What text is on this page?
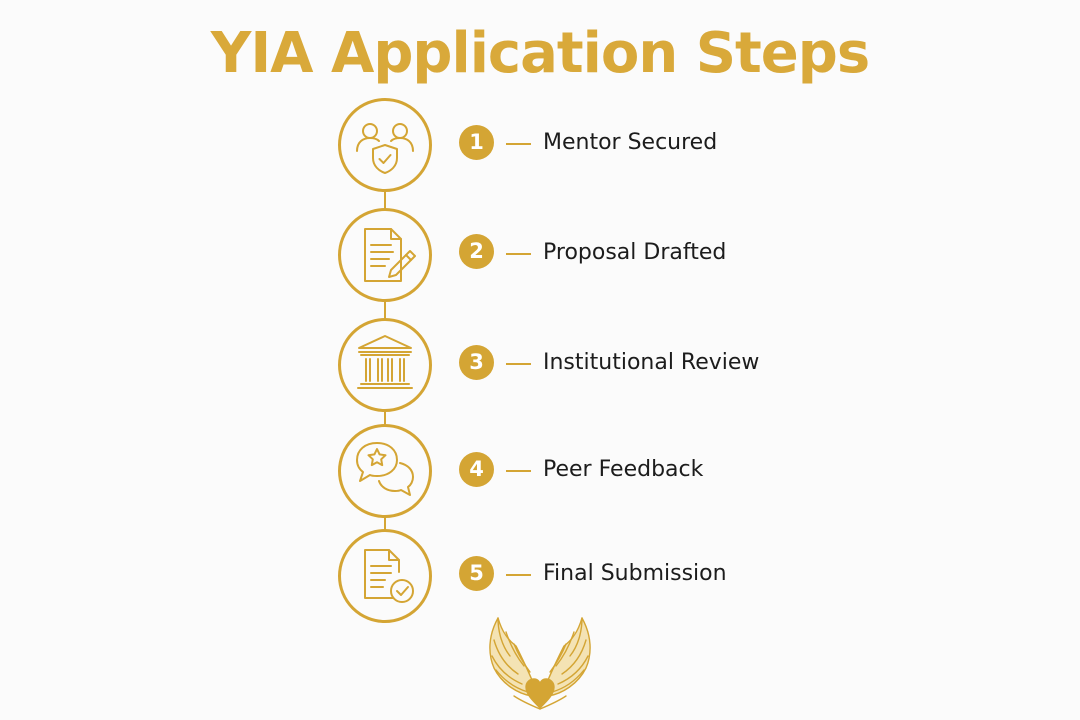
YIA Application Steps
1	Mentor Secured
2	Proposal Drafted
3	Institutional Review
4	Peer Feedback
5	Final Submission
